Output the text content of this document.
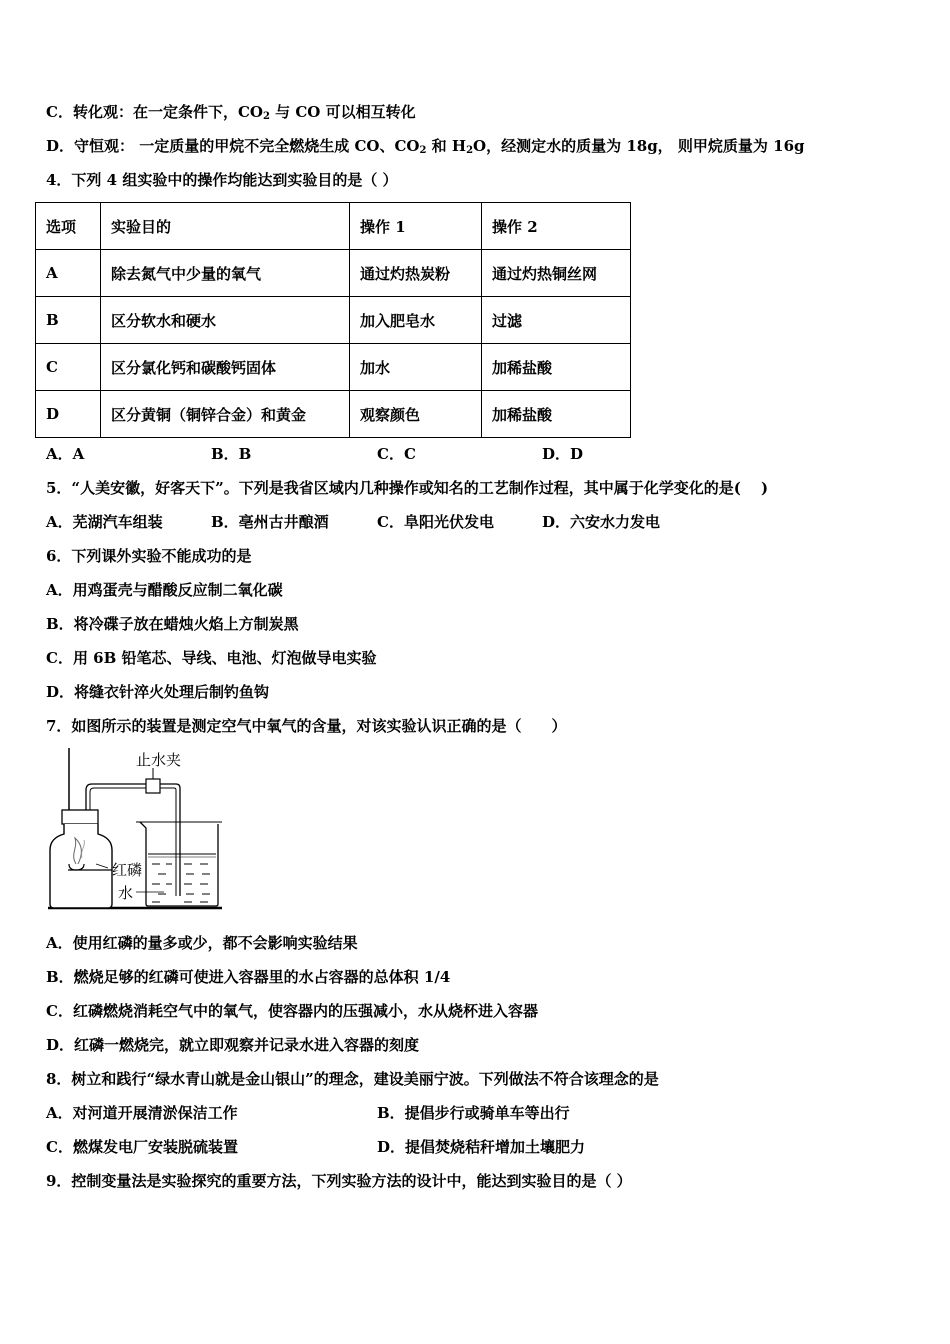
C．转化观：在一定条件下，$CO_2$ 与 CO 可以相互转化
D．守恒观： 一定质量的甲烷不完全燃烧生成 CO、$CO_2$ 和 $H_2O$，经测定水的质量为 18g， 则甲烷质量为 16g
4．下列 4 组实验中的操作均能达到实验目的是（ ）
选项	实验目的	操作 1	操作 2
A	除去氮气中少量的氧气	通过灼热炭粉	通过灼热铜丝网
B	区分软水和硬水	加入肥皂水	过滤
C	区分氯化钙和碳酸钙固体	加水	加稀盐酸
D	区分黄铜（铜锌合金）和黄金	观察颜色	加稀盐酸
A．A	B．B	C．C	D．D
5．“人美安徽，好客天下”。下列是我省区域内几种操作或知名的工艺制作过程，其中属于化学变化的是(　 )
A．芜湖汽车组装	B．亳州古井酿酒	C．阜阳光伏发电	D．六安水力发电
6．下列课外实验不能成功的是
A．用鸡蛋壳与醋酸反应制二氧化碳
B．将冷碟子放在蜡烛火焰上方制炭黑
C．用 6B 铅笔芯、导线、电池、灯泡做导电实验
D．将缝衣针淬火处理后制钓鱼钩
7．如图所示的装置是测定空气中氧气的含量，对该实验认识正确的是（　　）
止水夹
红磷
水
A．使用红磷的量多或少，都不会影响实验结果
B．燃烧足够的红磷可使进入容器里的水占容器的总体积 1/4
C．红磷燃烧消耗空气中的氧气，使容器内的压强减小，水从烧杯进入容器
D．红磷一燃烧完，就立即观察并记录水进入容器的刻度
8．树立和践行“绿水青山就是金山银山”的理念，建设美丽宁波。下列做法不符合该理念的是
A．对河道开展清淤保洁工作	B．提倡步行或骑单车等出行
C．燃煤发电厂安装脱硫装置	D．提倡焚烧秸秆增加土壤肥力
9．控制变量法是实验探究的重要方法，下列实验方法的设计中，能达到实验目的是（ ）
